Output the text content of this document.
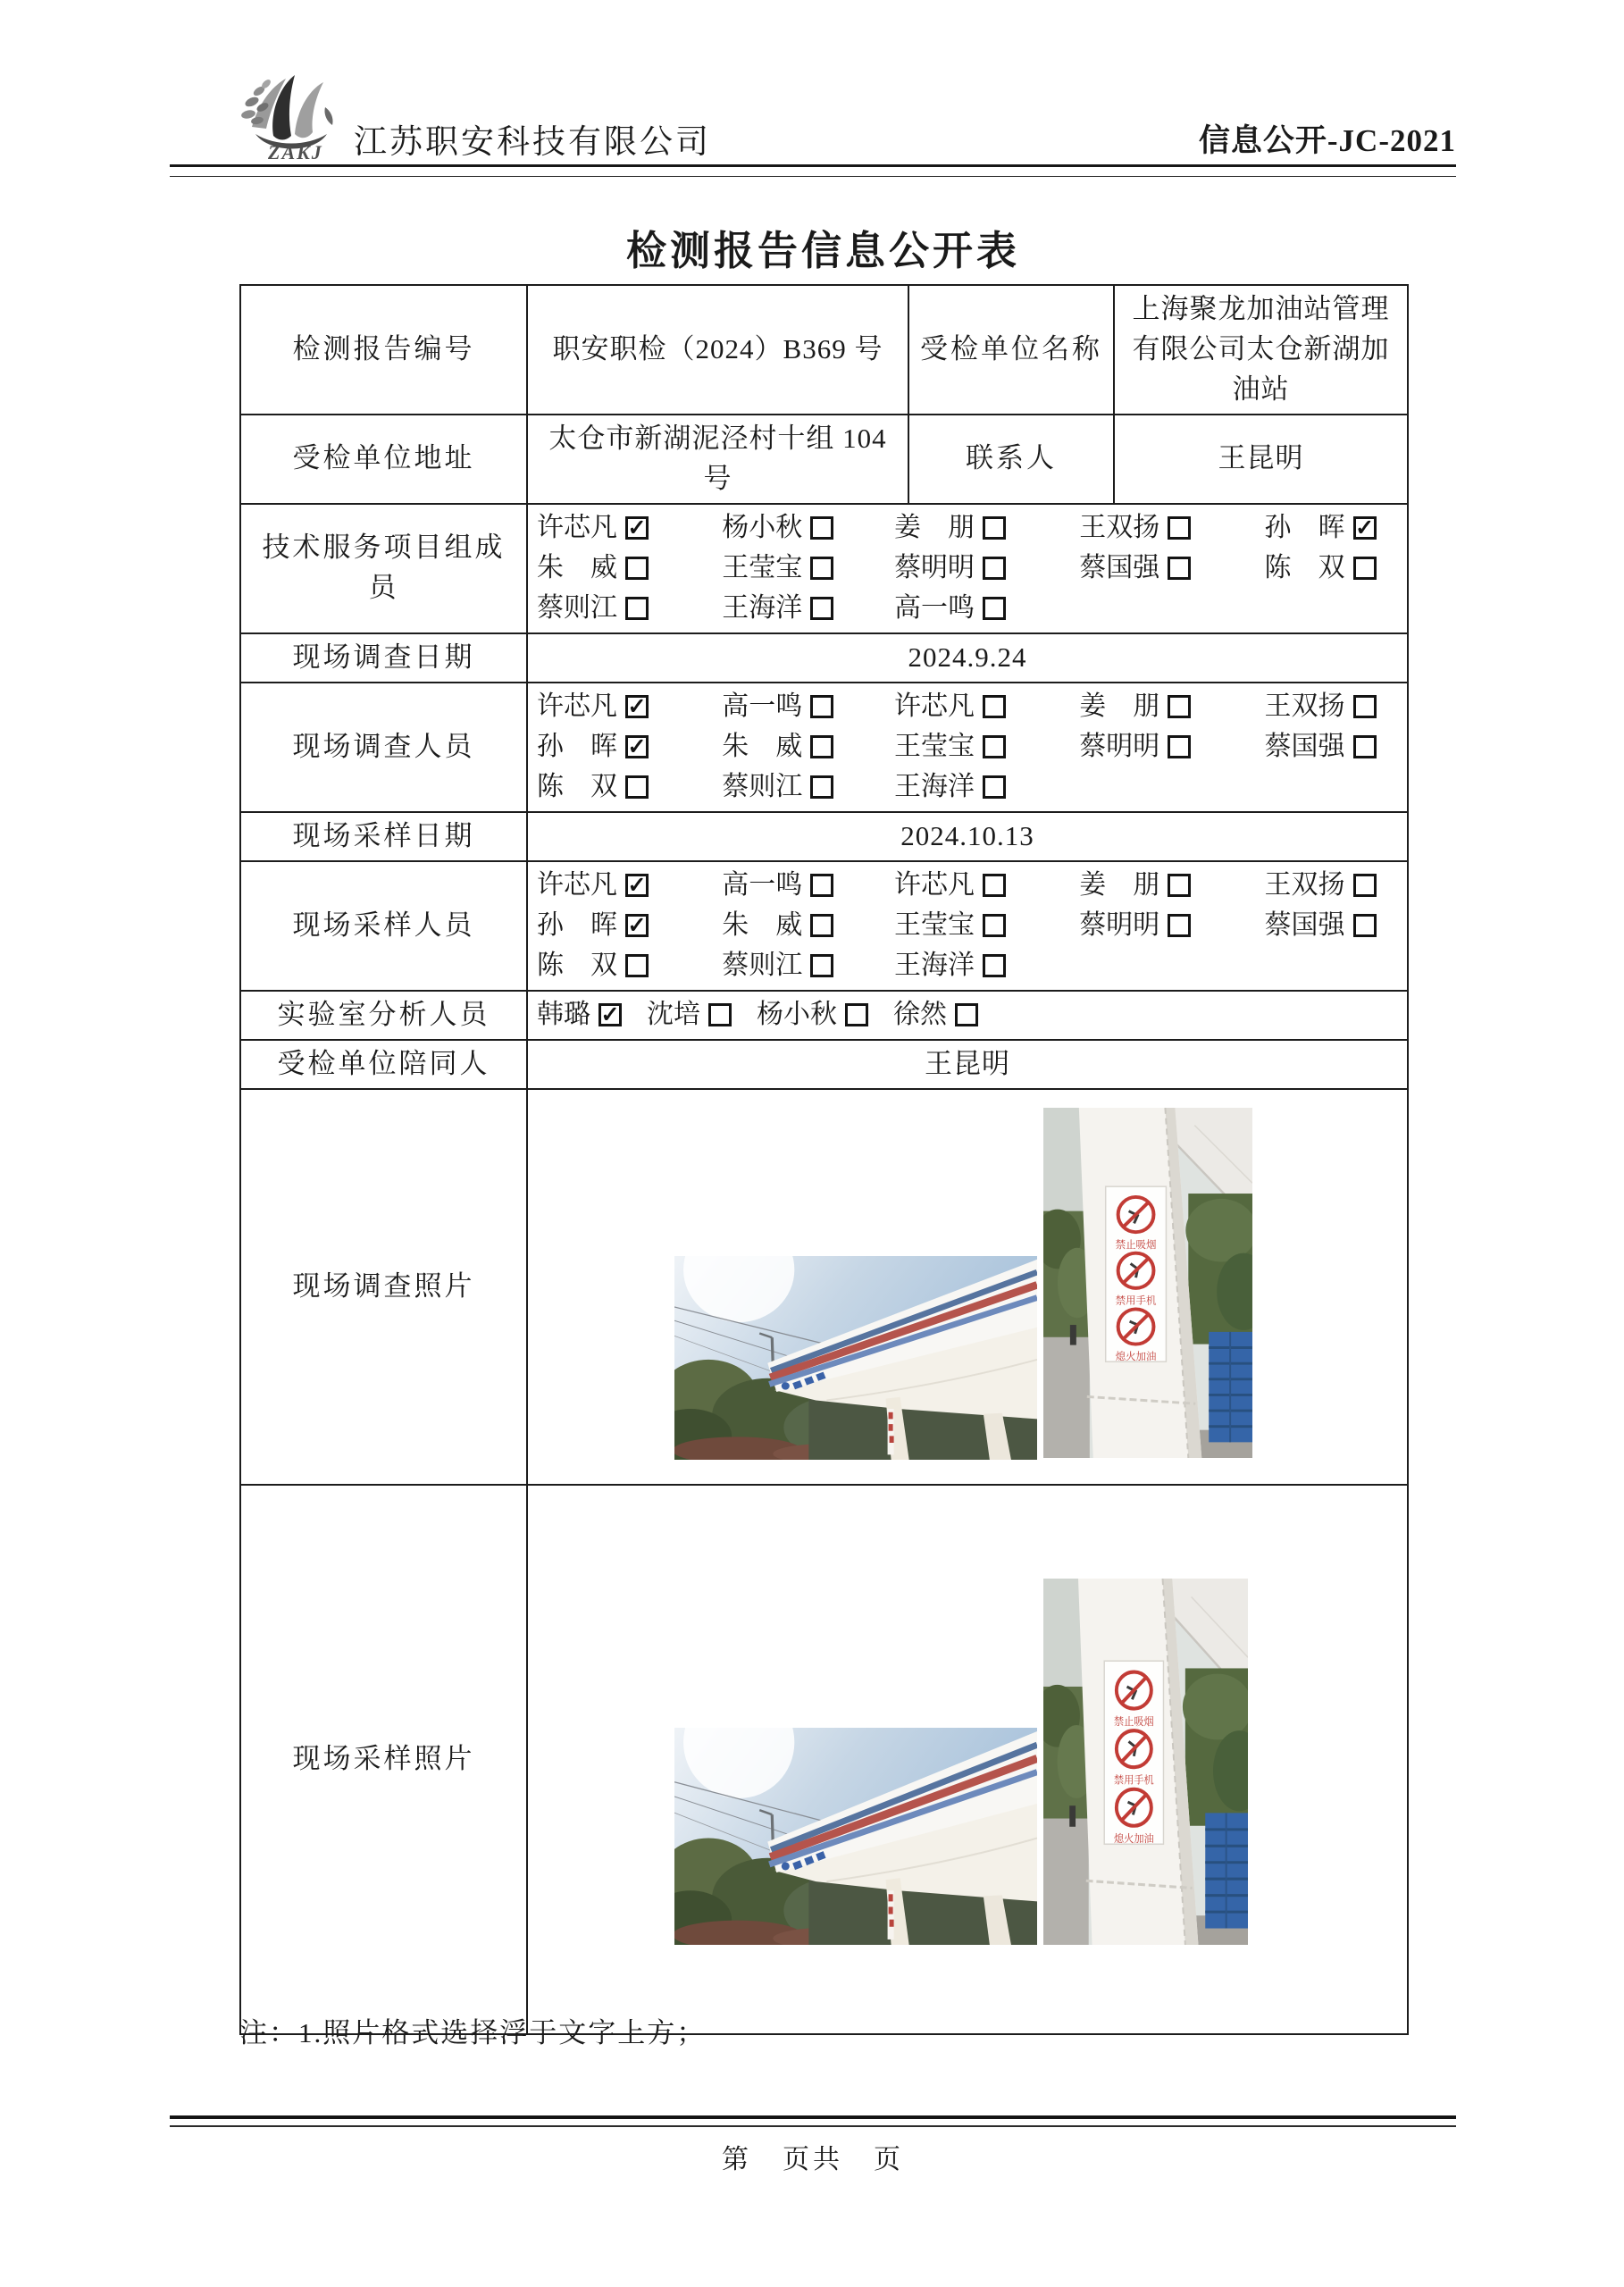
ZAKJ 江苏职安科技有限公司	信息公开-JC-2021
检测报告信息公开表
检测报告编号	职安职检（2024）B369 号	受检单位名称	上海聚龙加油站管理有限公司太仓新湖加油站
受检单位地址	太仓市新湖泥泾村十组 104 号	联系人	王昆明
技术服务项目组成员	
许芯凡 ✓	杨小秋	姜　朋	王双扬	孙　晖 ✓
朱　威	王莹宝	蔡明明	蔡国强	陈　双
蔡则江	王海洋	高一鸣

现场调查日期	2024.9.24		
现场调查人员	
许芯凡 ✓	高一鸣	许芯凡	姜　朋	王双扬
孙　晖 ✓	朱　威	王莹宝	蔡明明	蔡国强
陈　双	蔡则江	王海洋

现场采样日期	2024.10.13		
现场采样人员	
许芯凡 ✓	高一鸣	许芯凡	姜　朋	王双扬
孙　晖 ✓	朱　威	王莹宝	蔡明明	蔡国强
陈　双	蔡则江	王海洋

实验室分析人员	韩璐 ✓ 沈培 杨小秋 徐然		

受检单位陪同人	王昆明		
现场调查照片	禁止吸烟
禁用手机
熄火加油		

现场采样照片	禁止吸烟
禁用手机
熄火加油		
注：1.照片格式选择浮于文字上方；
第　页共　页
